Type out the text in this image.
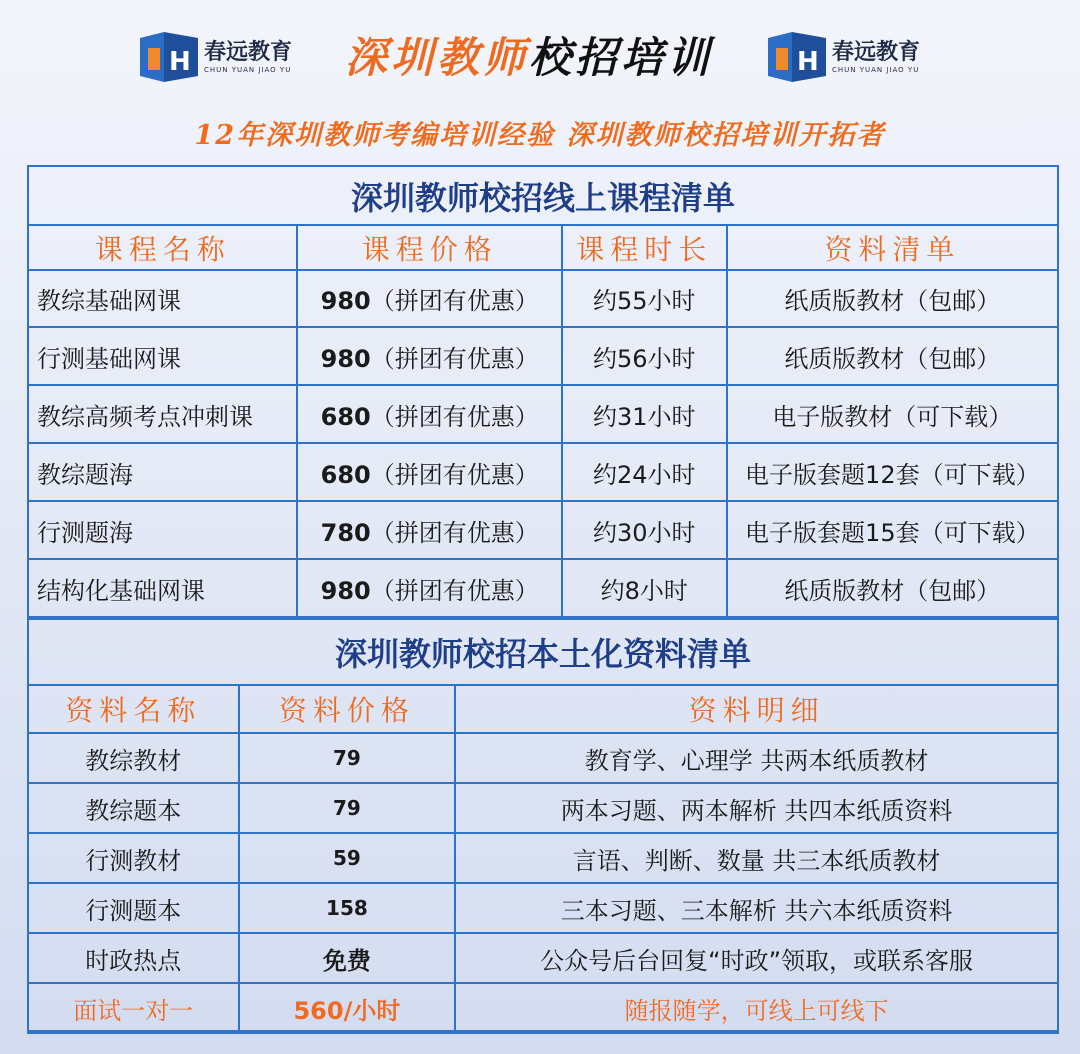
H 春远教育
CHUN YUAN JIAO YU 深圳教师校招培训	H 春远教育
CHUN YUAN JIAO YU
12年深圳教师考编培训经验 深圳教师校招培训开拓者
深圳教师校招线上课程清单			
课程名称	课程价格	课程时长	资料清单
教综基础网课	980（拼团有优惠）	约55小时	纸质版教材（包邮）
行测基础网课	980（拼团有优惠）	约56小时	纸质版教材（包邮）
教综高频考点冲刺课	680（拼团有优惠）	约31小时	电子版教材（可下载）
教综题海	680（拼团有优惠）	约24小时	电子版套题12套（可下载）
行测题海	780（拼团有优惠）	约30小时	电子版套题15套（可下载）
结构化基础网课	980（拼团有优惠）	约8小时	纸质版教材（包邮）
深圳教师校招本土化资料清单		
资料名称	资料价格	资料明细
教综教材	79	教育学、心理学 共两本纸质教材
教综题本	79	两本习题、两本解析 共四本纸质资料
行测教材	59	言语、判断、数量 共三本纸质教材
行测题本	158	三本习题、三本解析 共六本纸质资料
时政热点	免费	公众号后台回复“时政”领取，或联系客服
面试一对一	560/小时	随报随学，可线上可线下
